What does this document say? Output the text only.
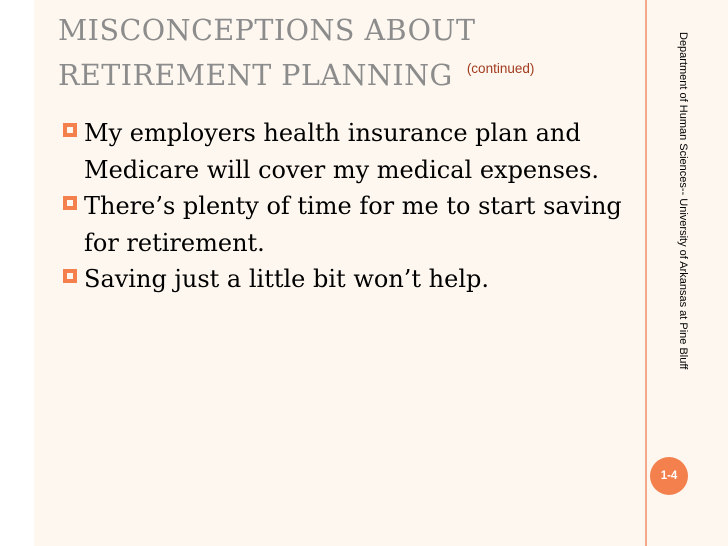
MISCONCEPTIONS ABOUT
RETIREMENT PLANNING $^{(continued)}$
My employers health insurance plan and Medicare will cover my medical expenses.
There’s plenty of time for me to start saving for retirement.
Saving just a little bit won’t help.	Department of Human Sciences-- University of Arkansas at Pine Bluff
1-4
